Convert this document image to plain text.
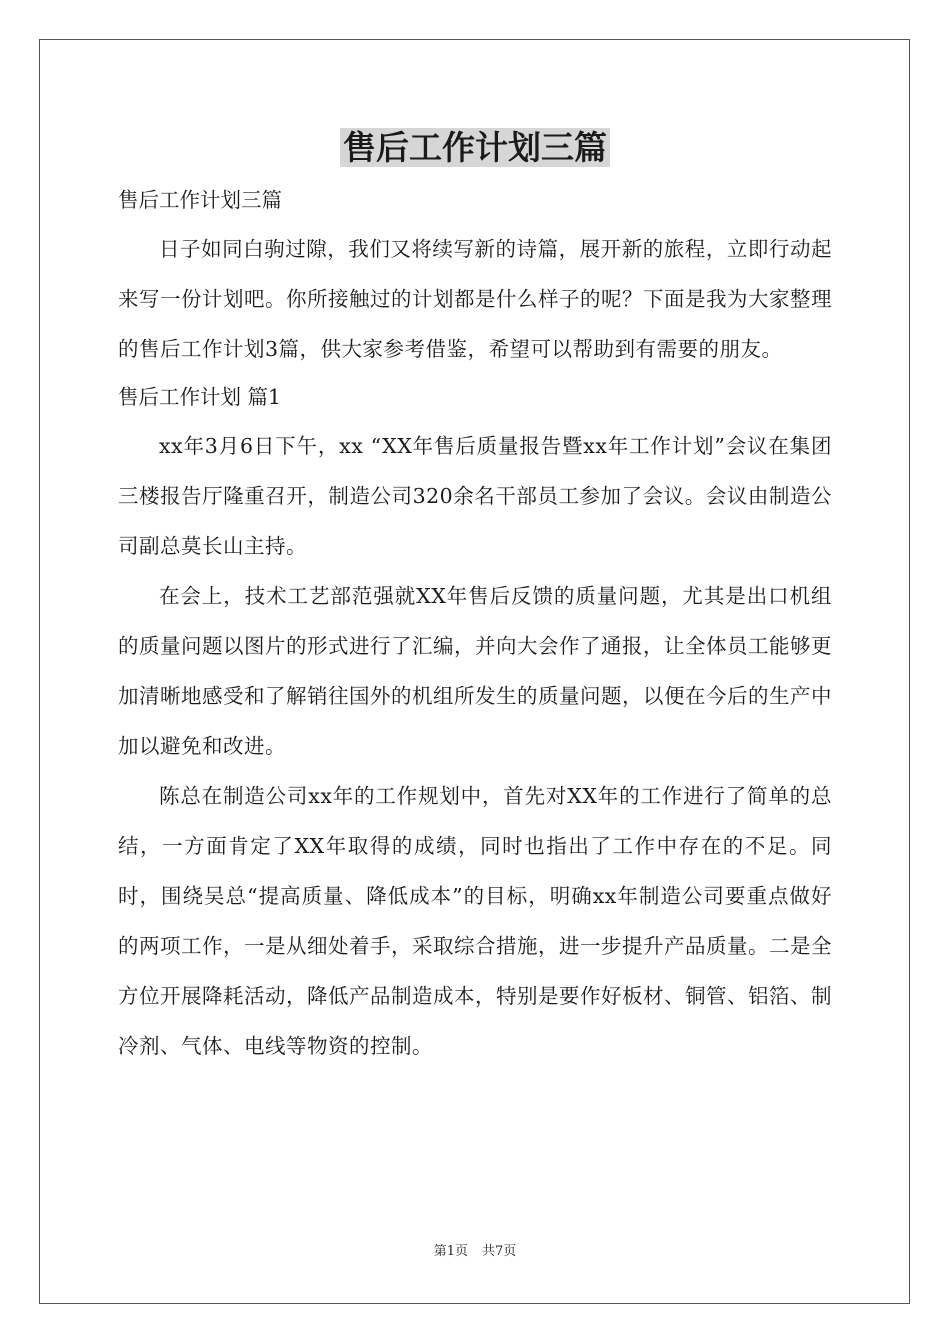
售后工作计划三篇

售后工作计划三篇

日子如同白驹过隙，我们又将续写新的诗篇，展开新的旅程，立即行动起来写一份计划吧。你所接触过的计划都是什么样子的呢？下面是我为大家整理的售后工作计划3篇，供大家参考借鉴，希望可以帮助到有需要的朋友。

售后工作计划 篇1

xx年3月6日下午，xx “XX年售后质量报告暨xx年工作计划”会议在集团三楼报告厅隆重召开，制造公司320余名干部员工参加了会议。会议由制造公司副总莫长山主持。

在会上，技术工艺部范强就XX年售后反馈的质量问题，尤其是出口机组的质量问题以图片的形式进行了汇编，并向大会作了通报，让全体员工能够更加清晰地感受和了解销往国外的机组所发生的质量问题，以便在今后的生产中加以避免和改进。

陈总在制造公司xx年的工作规划中，首先对XX年的工作进行了简单的总结，一方面肯定了XX年取得的成绩，同时也指出了工作中存在的不足。同时，围绕吴总“提高质量、降低成本”的目标，明确xx年制造公司要重点做好的两项工作，一是从细处着手，采取综合措施，进一步提升产品质量。二是全方位开展降耗活动，降低产品制造成本，特别是要作好板材、铜管、铝箔、制冷剂、气体、电线等物资的控制。

第1页 共7页
